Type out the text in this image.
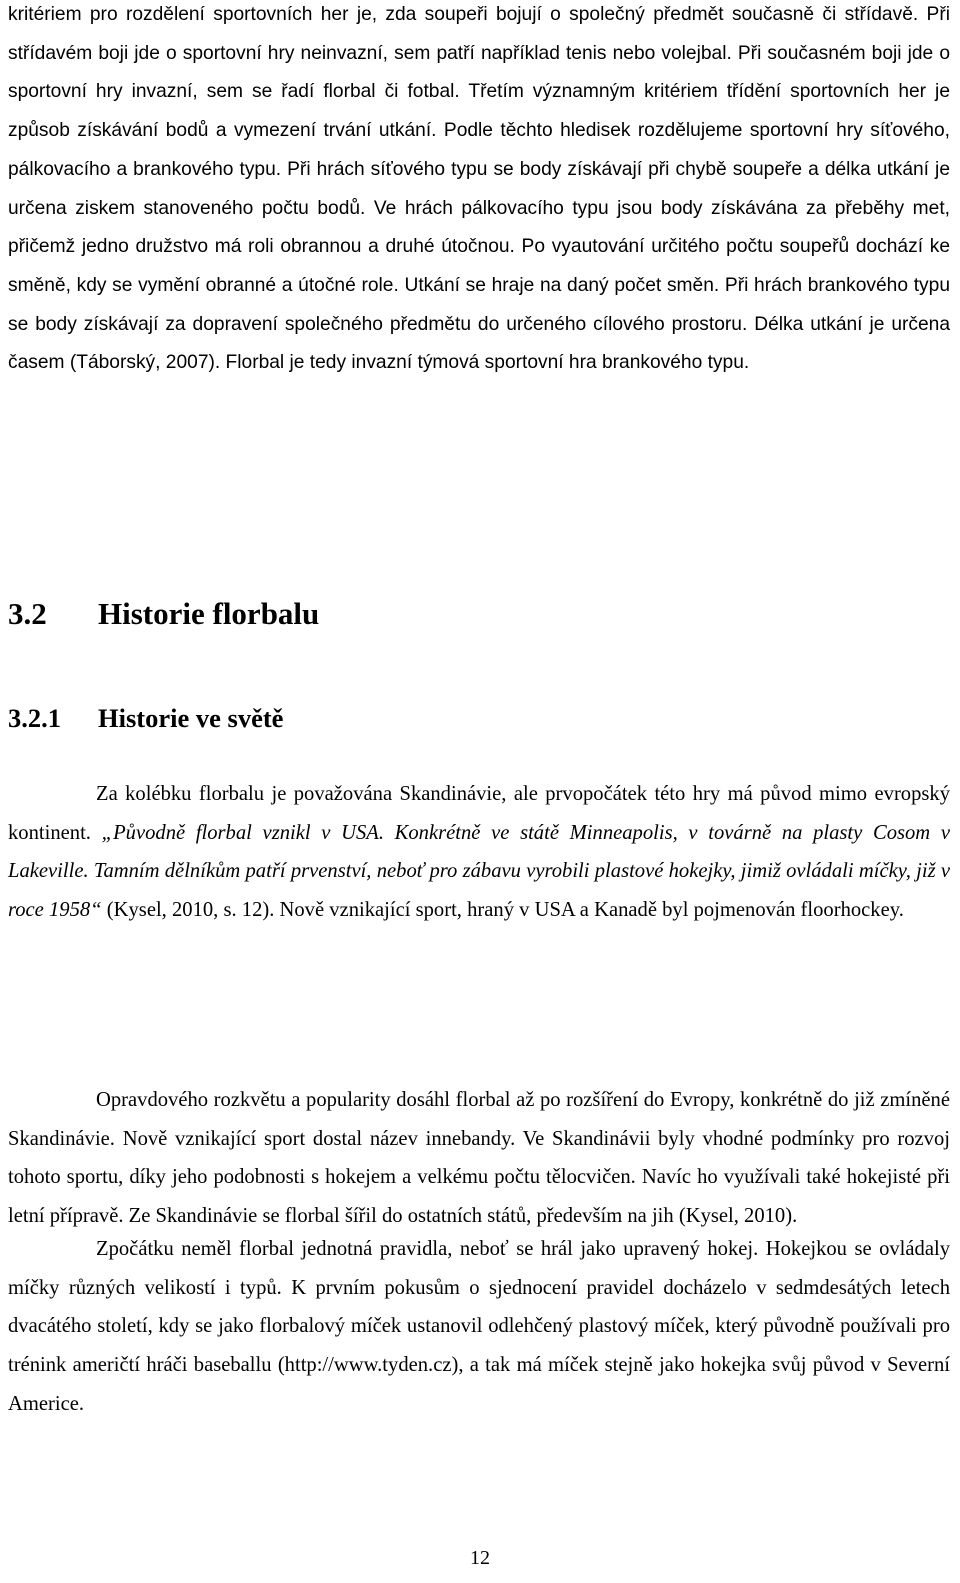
kritériem pro rozdělení sportovních her je, zda soupeři bojují o společný předmět současně či střídavě. Při střídavém boji jde o sportovní hry neinvazní, sem patří například tenis nebo volejbal. Při současném boji jde o sportovní hry invazní, sem se řadí florbal či fotbal. Třetím významným kritériem třídění sportovních her je způsob získávání bodů a vymezení trvání utkání. Podle těchto hledisek rozdělujeme sportovní hry síťového, pálkovacího a brankového typu. Při hrách síťového typu se body získávají při chybě soupeře a délka utkání je určena ziskem stanoveného počtu bodů. Ve hrách pálkovacího typu jsou body získávána za přeběhy met, přičemž jedno družstvo má roli obrannou a druhé útočnou. Po vyautování určitého počtu soupeřů dochází ke směně, kdy se vymění obranné a útočné role. Utkání se hraje na daný počet směn. Při hrách brankového typu se body získávají za dopravení společného předmětu do určeného cílového prostoru. Délka utkání je určena časem (Táborský, 2007). Florbal je tedy invazní týmová sportovní hra brankového typu.

3.2 Historie florbalu
3.2.1 Historie ve světě

Za kolébku florbalu je považována Skandinávie, ale prvopočátek této hry má původ mimo evropský kontinent. „Původně florbal vznikl v USA. Konkrétně ve státě Minneapolis, v továrně na plasty Cosom v Lakeville. Tamním dělníkům patří prvenství, neboť pro zábavu vyrobili plastové hokejky, jimiž ovládali míčky, již v roce 1958“ (Kysel, 2010, s. 12). Nově vznikající sport, hraný v USA a Kanadě byl pojmenován floorhockey.

Opravdového rozkvětu a popularity dosáhl florbal až po rozšíření do Evropy, konkrétně do již zmíněné Skandinávie. Nově vznikající sport dostal název innebandy. Ve Skandinávii byly vhodné podmínky pro rozvoj tohoto sportu, díky jeho podobnosti s hokejem a velkému počtu tělocvičen. Navíc ho využívali také hokejisté při letní přípravě. Ze Skandinávie se florbal šířil do ostatních států, především na jih (Kysel, 2010).

Zpočátku neměl florbal jednotná pravidla, neboť se hrál jako upravený hokej. Hokejkou se ovládaly míčky různých velikostí i typů. K prvním pokusům o sjednocení pravidel docházelo v sedmdesátých letech dvacátého století, kdy se jako florbalový míček ustanovil odlehčený plastový míček, který původně používali pro trénink američtí hráči baseballu (http://www.tyden.cz), a tak má míček stejně jako hokejka svůj původ v Severní Americe.

12
